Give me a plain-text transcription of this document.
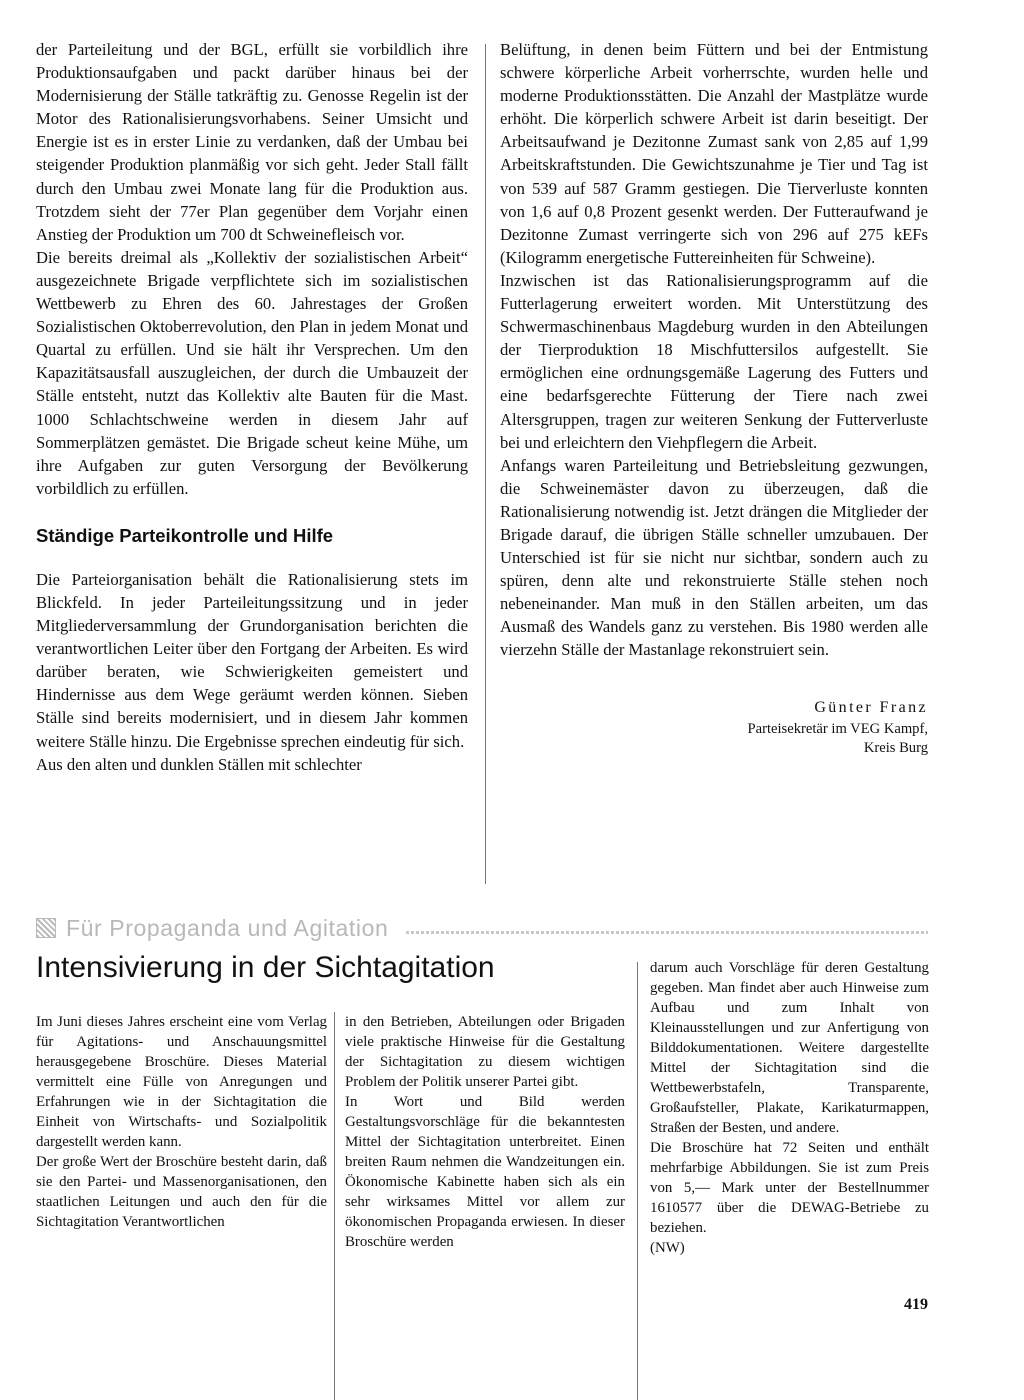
der Parteileitung und der BGL, erfüllt sie vorbildlich ihre Produktionsaufgaben und packt darüber hinaus bei der Modernisierung der Ställe tatkräftig zu. Genosse Regelin ist der Motor des Rationalisierungsvorhabens. Seiner Umsicht und Energie ist es in erster Linie zu verdanken, daß der Umbau bei steigender Produktion planmäßig vor sich geht. Jeder Stall fällt durch den Umbau zwei Monate lang für die Produktion aus. Trotzdem sieht der 77er Plan gegenüber dem Vorjahr einen Anstieg der Produktion um 700 dt Schweinefleisch vor.

Die bereits dreimal als „Kollektiv der sozialistischen Arbeit“ ausgezeichnete Brigade verpflichtete sich im sozialistischen Wettbewerb zu Ehren des 60. Jahrestages der Großen Sozialistischen Oktoberrevolution, den Plan in jedem Monat und Quartal zu erfüllen. Und sie hält ihr Versprechen. Um den Kapazitätsausfall auszugleichen, der durch die Umbauzeit der Ställe entsteht, nutzt das Kollektiv alte Bauten für die Mast. 1000 Schlachtschweine werden in diesem Jahr auf Sommerplätzen gemästet. Die Brigade scheut keine Mühe, um ihre Aufgaben zur guten Versorgung der Bevölkerung vorbildlich zu erfüllen.

Ständige Parteikontrolle und Hilfe

Die Parteiorganisation behält die Rationalisierung stets im Blickfeld. In jeder Parteileitungssitzung und in jeder Mitgliederversammlung der Grundorganisation berichten die verantwortlichen Leiter über den Fortgang der Arbeiten. Es wird darüber beraten, wie Schwierigkeiten gemeistert und Hindernisse aus dem Wege geräumt werden können. Sieben Ställe sind bereits modernisiert, und in diesem Jahr kommen weitere Ställe hinzu. Die Ergebnisse sprechen eindeutig für sich.

Aus den alten und dunklen Ställen mit schlechter

Belüftung, in denen beim Füttern und bei der Entmistung schwere körperliche Arbeit vorherrschte, wurden helle und moderne Produktionsstätten. Die Anzahl der Mastplätze wurde erhöht. Die körperlich schwere Arbeit ist darin beseitigt. Der Arbeitsaufwand je Dezitonne Zumast sank von 2,85 auf 1,99 Arbeitskraftstunden. Die Gewichtszunahme je Tier und Tag ist von 539 auf 587 Gramm gestiegen. Die Tierverluste konnten von 1,6 auf 0,8 Prozent gesenkt werden. Der Futteraufwand je Dezitonne Zumast verringerte sich von 296 auf 275 kEFs (Kilogramm energetische Futtereinheiten für Schweine).

Inzwischen ist das Rationalisierungsprogramm auf die Futterlagerung erweitert worden. Mit Unterstützung des Schwermaschinenbaus Magdeburg wurden in den Abteilungen der Tierproduktion 18 Mischfuttersilos aufgestellt. Sie ermöglichen eine ordnungsgemäße Lagerung des Futters und eine bedarfsgerechte Fütterung der Tiere nach zwei Altersgruppen, tragen zur weiteren Senkung der Futterverluste bei und erleichtern den Viehpflegern die Arbeit.

Anfangs waren Parteileitung und Betriebsleitung gezwungen, die Schweinemäster davon zu überzeugen, daß die Rationalisierung notwendig ist. Jetzt drängen die Mitglieder der Brigade darauf, die übrigen Ställe schneller umzubauen. Der Unterschied ist für sie nicht nur sichtbar, sondern auch zu spüren, denn alte und rekonstruierte Ställe stehen noch nebeneinander. Man muß in den Ställen arbeiten, um das Ausmaß des Wandels ganz zu verstehen. Bis 1980 werden alle vierzehn Ställe der Mastanlage rekonstruiert sein.

Günter Franz
Parteisekretär im VEG Kampf,
Kreis Burg
Für Propaganda und Agitation
Intensivierung in der Sichtagitation

Im Juni dieses Jahres erscheint eine vom Verlag für Agitations- und Anschauungsmittel herausgegebene Broschüre. Dieses Material vermittelt eine Fülle von Anregungen und Erfahrungen wie in der Sichtagitation die Einheit von Wirtschafts- und Sozialpolitik dargestellt werden kann.

Der große Wert der Broschüre besteht darin, daß sie den Partei- und Massenorganisationen, den staatlichen Leitungen und auch den für die Sichtagitation Verantwortlichen

in den Betrieben, Abteilungen oder Brigaden viele praktische Hinweise für die Gestaltung der Sichtagitation zu diesem wichtigen Problem der Politik unserer Partei gibt.

In Wort und Bild werden Gestaltungsvorschläge für die bekanntesten Mittel der Sichtagitation unterbreitet. Einen breiten Raum nehmen die Wandzeitungen ein. Ökonomische Kabinette haben sich als ein sehr wirksames Mittel vor allem zur ökonomischen Propaganda erwiesen. In dieser Broschüre werden

darum auch Vorschläge für deren Gestaltung gegeben. Man findet aber auch Hinweise zum Aufbau und zum Inhalt von Kleinausstellungen und zur Anfertigung von Bilddokumentationen. Weitere dargestellte Mittel der Sichtagitation sind die Wettbewerbstafeln, Transparente, Großaufsteller, Plakate, Karikaturmappen, Straßen der Besten, und andere.

Die Broschüre hat 72 Seiten und enthält mehrfarbige Abbildungen. Sie ist zum Preis von 5,— Mark unter der Bestellnummer 1610577 über die DEWAG-Betriebe zu beziehen.

(NW)

419
